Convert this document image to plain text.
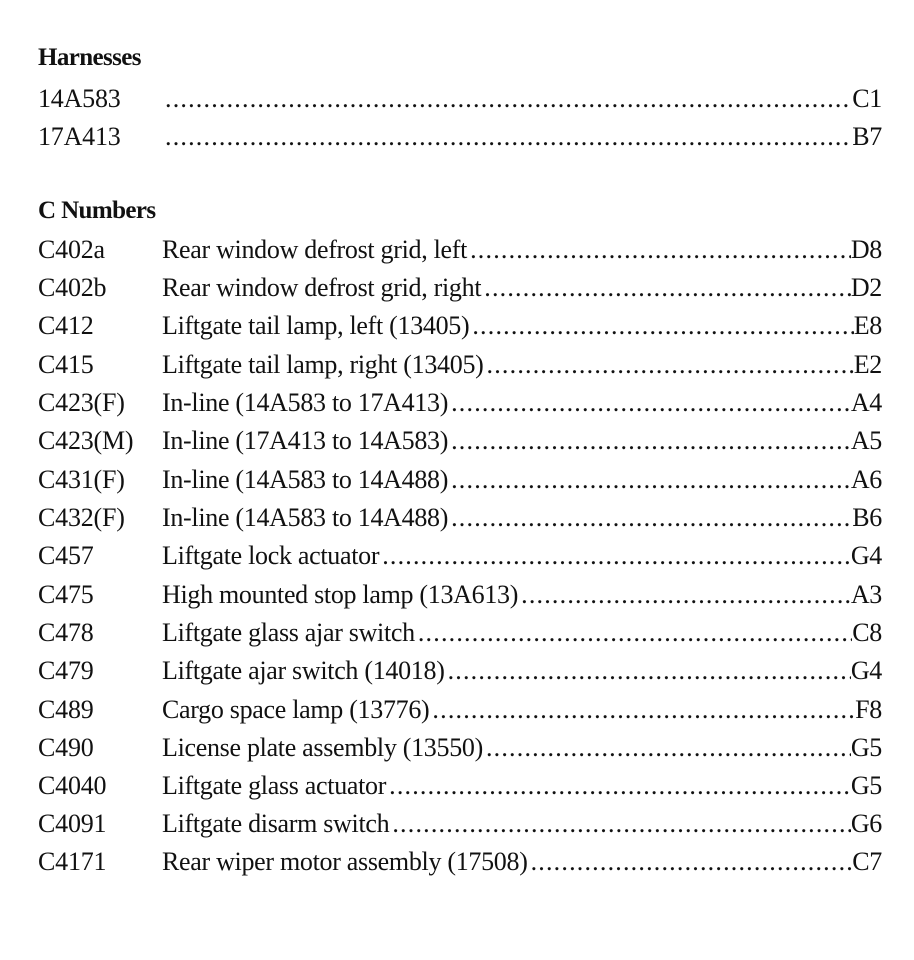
Harnesses
14A583 .....	C1
17A413 .....	B7
C Numbers
C402a Rear window defrost grid, left .....	D8
C402b Rear window defrost grid, right .....	D2
C412	Liftgate tail lamp, left (13405) .....	E8
C415	Liftgate tail lamp, right (13405) .....	E2
C423(F) In-line (14A583 to 17A413) .....	A4
C423(M) In-line (17A413 to 14A583) .....	A5
C431(F) In-line (14A583 to 14A488) .....	A6
C432(F) In-line (14A583 to 14A488) .....	B6
C457	Liftgate lock actuator .....	G4
C475	High mounted stop lamp (13A613) .....	A3
C478	Liftgate glass ajar switch .....	C8
C479	Liftgate ajar switch (14018) .....	G4
C489	Cargo space lamp (13776) .....	F8
C490	License plate assembly (13550) .....	G5
C4040 Liftgate glass actuator .....	G5
C4091 Liftgate disarm switch .....	G6
C4171 Rear wiper motor assembly (17508) .....	C7
